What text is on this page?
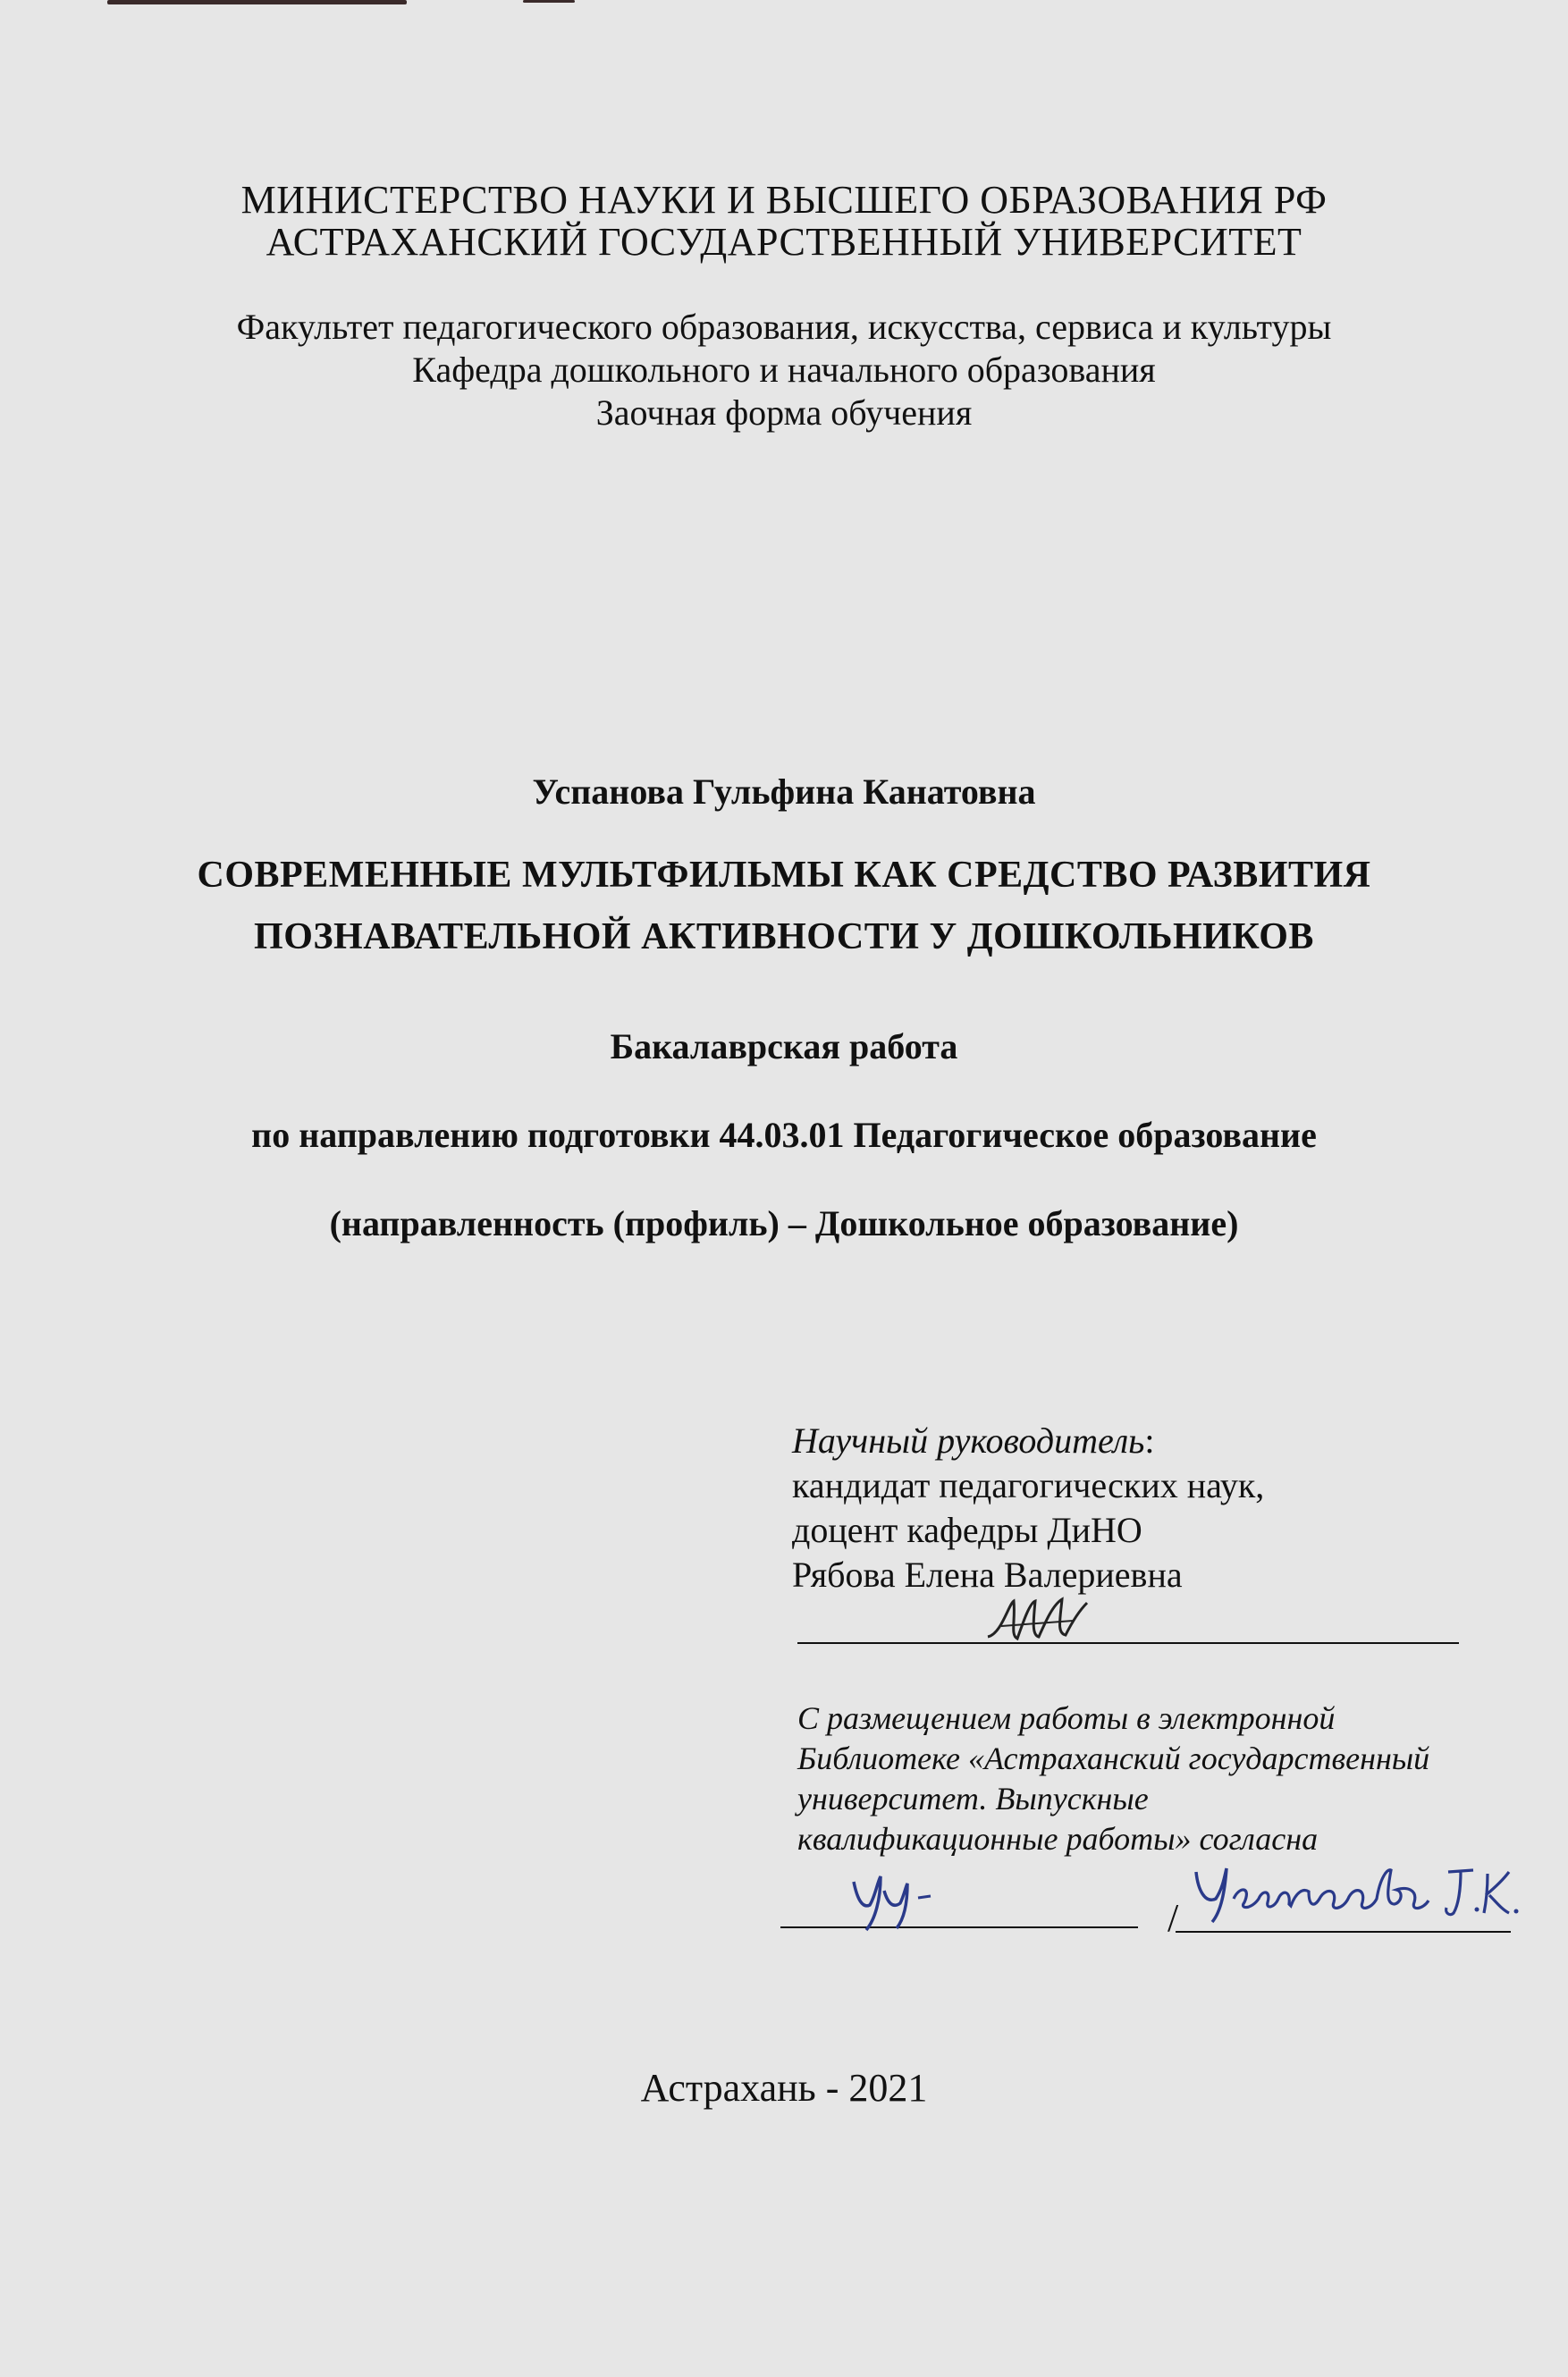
МИНИСТЕРСТВО НАУКИ И ВЫСШЕГО ОБРАЗОВАНИЯ РФ
АСТРАХАНСКИЙ ГОСУДАРСТВЕННЫЙ УНИВЕРСИТЕТ
Факультет педагогического образования, искусства, сервиса и культуры
Кафедра дошкольного и начального образования
Заочная форма обучения
Успанова Гульфина Канатовна
СОВРЕМЕННЫЕ МУЛЬТФИЛЬМЫ КАК СРЕДСТВО РАЗВИТИЯ
ПОЗНАВАТЕЛЬНОЙ АКТИВНОСТИ У ДОШКОЛЬНИКОВ
Бакалаврская работа
по направлению подготовки 44.03.01 Педагогическое образование
(направленность (профиль) – Дошкольное образование)
Научный руководитель:
кандидат педагогических наук,
доцент кафедры ДиНО
Рябова Елена Валериевна
С размещением работы в электронной
Библиотеке «Астраханский государственный
университет. Выпускные
квалификационные работы» согласна
/
Астрахань - 2021
